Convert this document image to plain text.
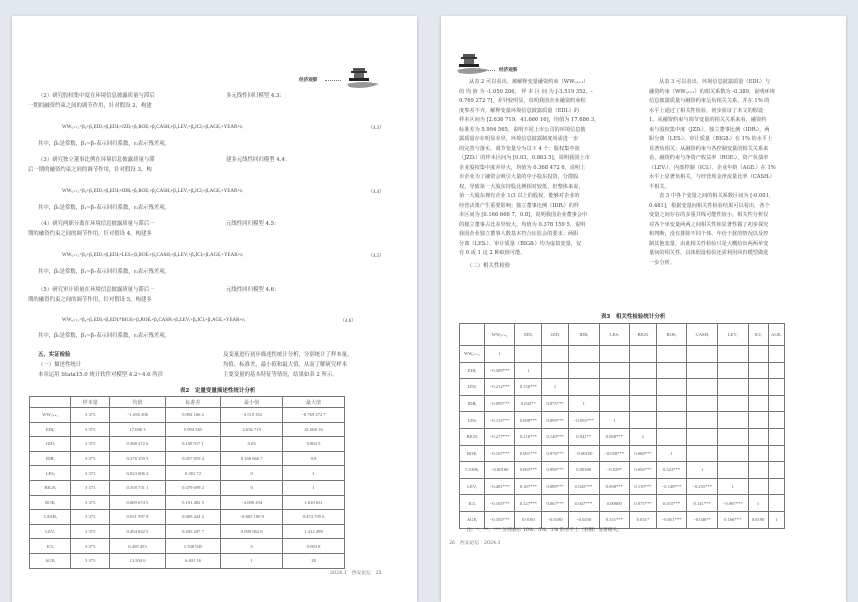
经济观察
（2）研究股权集中度在环境信息披露质量与滞后
一期的融资约束之间的调节作用，针对假设 2，构建
多元线性回归模型 4.3：
WWᵢ,ₜ₊₁=β₀+β₁EDIᵢ+β₂EDIᵢ×JZDᵢ+β₃ROEᵢ+β₄CASHᵢ+β₅LEVᵢ+β₆ICIᵢ+β₇AGEᵢ+YEAR+εᵢ	（4.3）
其中，β₀是常数，β₁~β₇表示回归系数，εᵢ表示残差项。
（3）研究独立董事比例在环境信息披露质量与滞
后一期的融资约束之间的调节作用，针对假设 3，构
建多元线性回归模型 4.4：
WWᵢ,ₜ₊₁=β₀+β₁EDIᵢ+β₂EDIᵢ×IDRᵢ+β₃ROEᵢ+β₄CASHᵢ+β₅LEVᵢ+β₆ICIᵢ+β₇AGEᵢ+YEAR+εᵢ	（4.4）
其中，β₀是常数，β₁~β₇表示回归系数，εᵢ表示残差项。
（4）研究两职分离在环境信息披露质量与滞后一
期的融资约束之间的调节作用，针对假设 4，构建多
元线性回归模型 4.5：
WWᵢ,ₜ₊₁=β₀+β₁EDIᵢ+β₂EDIᵢ×LESᵢ+β₃ROEᵢ+β₄CASHᵢ+β₅LEVᵢ+β₆ICIᵢ+β₇AGEᵢ+YEAR+εᵢ	（4.5）
其中，β₀是常数，β₁~β₇表示回归系数，εᵢ表示残差项。
（5）研究审计质量在环境信息披露质量与滞后一
期的融资约束之间的调节作用，针对假设 5，构建多
元线性回归模型 4.6：
WWᵢ,ₜ₊₁=β₀+β₁EDIᵢ+β₂EDIᵢ*BIG8ᵢ+β₃ROEᵢ+β₄CASHᵢ+β₅LEVᵢ+β₆ICIᵢ+β₇AGEᵢ+YEAR+εᵢ	（4.6）
其中，β₀是常数，β₁~β₇表示回归系数，εᵢ表示残差项。
五、实证检验
（一）描述性统计
本章运用 Stata15.0 统计软件对模型 4.2~4.6 所涉
及变量进行初步描述性统计分析，分别统计了样本量、
均值、标准差、最小值和最大值，从而了解研究样本
主要变量的基本特征等情况，结果如表 2 所示。
表2　定量变量描述性统计分析
	样本量	均值	标准差	最小值	最大值
WWᵢ,ₜ₊₁	3 373	−1.050 206	0.092 166 2	−3.519 352	−0.769 272 7
EDIᵢ	3 373	17.686 3	5.994 565	2.636 719	41.660 16
JZDᵢ	3 373	0.368 472 6	0.158 917 1	0.03	0.863 5
IDRᵢ	3 373	0.376 159 5	0.057 855 4	0.166 666 7	0.8
LESᵢ	3 373	0.823 006 2	0.381 72	0	1
BIG8ᵢ	3 373	0.358 731 1	0.479 699 2	0	1
ROEᵢ	3 373	0.069 674 5	0.191 482 5	−4.690 294	1.610 631
CASHᵢ	3 373	0.051 597 9	0.069 424 2	−0.805 100 9	0.474 795 6
LEVᵢ	3 373	0.494 842 5	0.205 207 7	0.009 062 8	1.412 498
ICIᵢ	3 373	6.459 453	1.338 945	0	9.083 8
AGEᵢ	3 373	13.504 6	6.401 16	1	28
2024.1　西安论坛　25
经济观察
从表 2 可以看出，被解释变量融资约束（WWᵢ,ₜ₊₁）
的 均 值 为 -1.050 206， 样 本 区 间 为 [-3.519 352，-
0.769 272 7]，差异较明显，说明我国企业融资约束程
度参差不齐。解释变量环境信息披露质量（EDIᵢ）的
样本区间为 [2.636 719，41.660 16]，均值为 17.686 3，
标准差为 5.994 565，说明不同上市公司的环境信息披
露质量存在明显差异，环境信息披露制度尚需进一步
的完善与落实。调节变量分为以下 4 个：股权集中度
（JZDᵢ）的样本区间为 [0.03，0.863 5]，说明我国上市
企业股权集中度差异大，均值为 0.368 472 6，说明上
市企业为了融资会吸引大量的中小股东投资，分散股
权，导致第一大股东持股比例相对较低，但整体来说，
第一大股东拥有企业 1/3 以上的股权，能够对企业的
经营决策产生重要影响；独立董事比例（IDRᵢ）的样
本区间为 [0.166 666 7，0.8]，说明我国企业董事会中
的独立董事占比差异较大，均值为 0.376 159 5，说明
我国企业独立董事人数基本符合证监会的要求；两职
分离（LESᵢ）、审计质量（BIG8ᵢ）均为虚拟变量，仅
有 0 或 1 这 2 种取值可能。
（二）相关性检验
从表 3 可以看出，环境信息披露质量（EDIᵢ）与
融资约束（WWᵢ,ₜ₊₁）的相关系数为 -0.389，说明环境
信息披露质量与融资约束呈负相关关系，并在 1% 的
水平上通过了相关性检验，初步验证了本文的假设
1。从融资约束与调节变量的相关关系来看，融资约
束与股权集中度（JZDᵢ）、独立董事比例（IDRᵢ）、两
职分离（LESᵢ）、审计质量（BIG8ᵢ）在 1% 的水平上
显著负相关；从融资约束与各控制变量的相关关系来
看，融资约束与净资产收益率（ROEᵢ）、资产负债率
（LEVᵢ）、内部控制（ICIᵢ）、企业年龄（AGEᵢ）在 1%
水平上显著负相关，与经营现金净流量比率（CASHᵢ）
不相关。
表 3 中各个变量之间的相关系数区间为 [-0.001，
0.481]，根据变量间相关性检验结果可以看出，各个
变量之间存在的多重共线可能性较小。相关性分析仅
对各个单变量两两之间相关性和显著性做了初步探究
和判断，没有排除不同个体、年份干扰的情况以及控
制其他变量，由此相关性检验只是大概给出两两单变
量间的相关性，具体假设检验还需利用回归模型做进
一步分析。
表3　相关性检验统计分析
	WWᵢ,ₜ₊₁	EDIᵢ	JZDᵢ	IDRᵢ	LESᵢ	BIG8ᵢ	ROEᵢ	CASHᵢ	LEVᵢ	ICIᵢ	AGEᵢ
WWᵢ,ₜ₊₁	1										
EDIᵢ	−0.389***	1									
JZDᵢ	−0.212***	0.156***	1								
IDRᵢ	−0.095***	0.043**	0.075***	1							
LESᵢ	−0.113***	0.098***	0.099***	−0.093***	1						
BIG8ᵢ	−0.277***	0.216***	0.149***	0.041**	0.060***	1					
ROEᵢ	−0.167***	0.091***	0.076***	−0.00100	−0.058***	0.068***	1				
CASHᵢ	−0.00100	0.063***	0.096***	0.00300	−0.029*	0.056***	0.323***	1			
LEVᵢ	−0.481***	0.187***	0.089***	0.045***	0.098***	0.119***	−0.148***	−0.255***	1		
ICIᵢ	−0.163***	0.127***	0.067***	0.047***	0.00800	0.075***	0.415***	0.141***	−0.067***	1	
AGEᵢ	−0.183***	0.0160	−0.0180	−0.0250	0.151***	0.031*	−0.051***	−0.040**	0.166***	0.0190	1
注：*、**、*** 分别表示 10%、5%、1% 的水平上（双侧）显著相关。
26　西安论坛　2024.1
